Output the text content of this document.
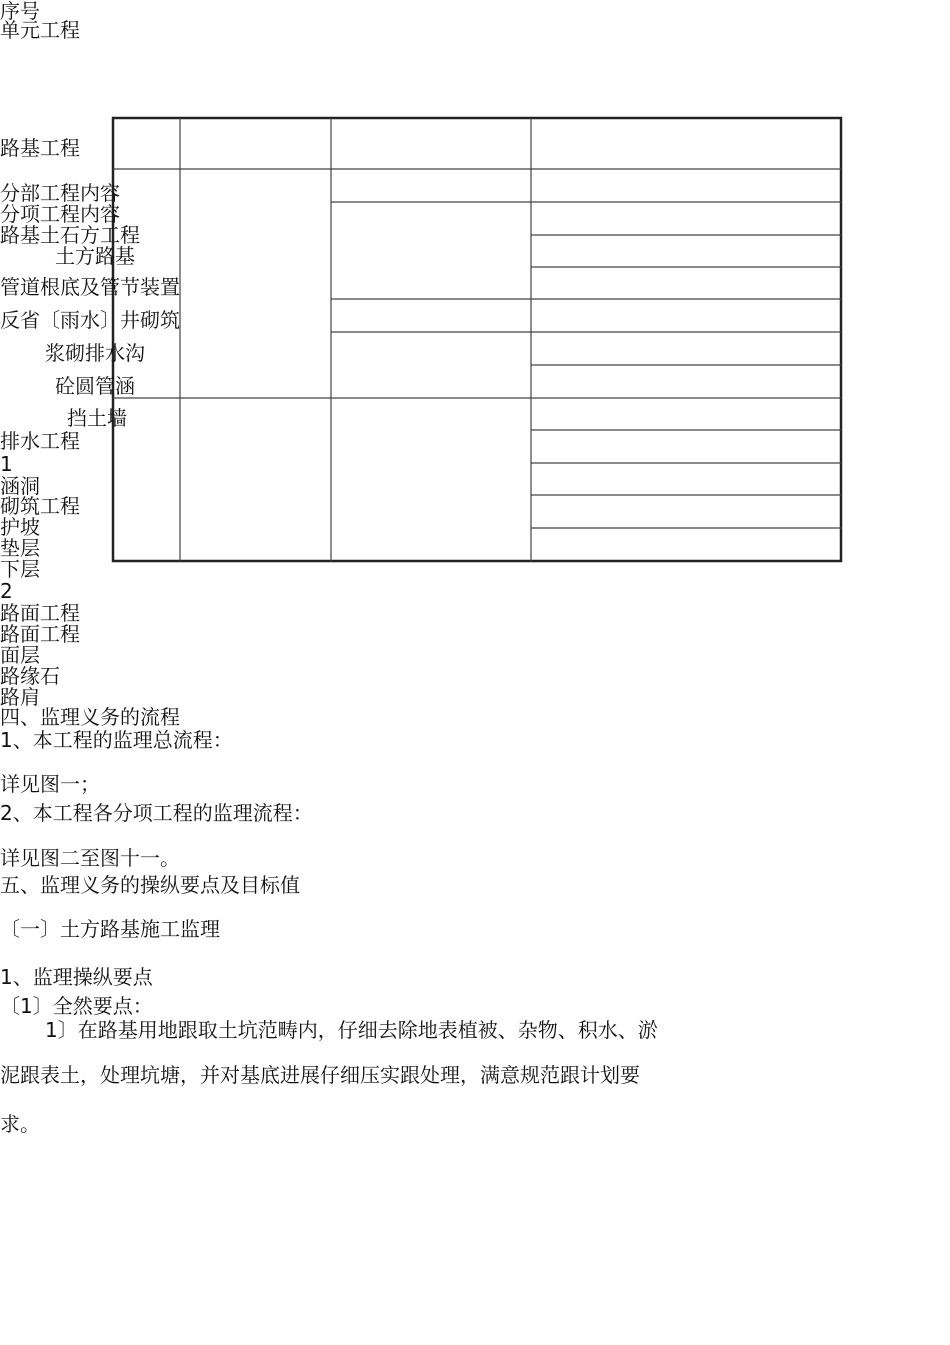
序号
单元工程
路基工程
分部工程内容
分项工程内容
路基土石方工程
土方路基
管道根底及管节装置
反省〔雨水〕井砌筑
浆砌排水沟
砼圆管涵
挡土墙
排水工程
1
涵洞
砌筑工程
护坡
垫层
下层
2
路面工程
路面工程
面层
路缘石
路肩
四、监理义务的流程
1、本工程的监理总流程：
详见图一；
2、本工程各分项工程的监理流程：
详见图二至图十一。
五、监理义务的操纵要点及目标值
〔一〕土方路基施工监理
1、监理操纵要点
〔1〕全然要点：
1〕在路基用地跟取土坑范畴内，仔细去除地表植被、杂物、积水、淤
泥跟表土，处理坑塘，并对基底进展仔细压实跟处理，满意规范跟计划要
求。
